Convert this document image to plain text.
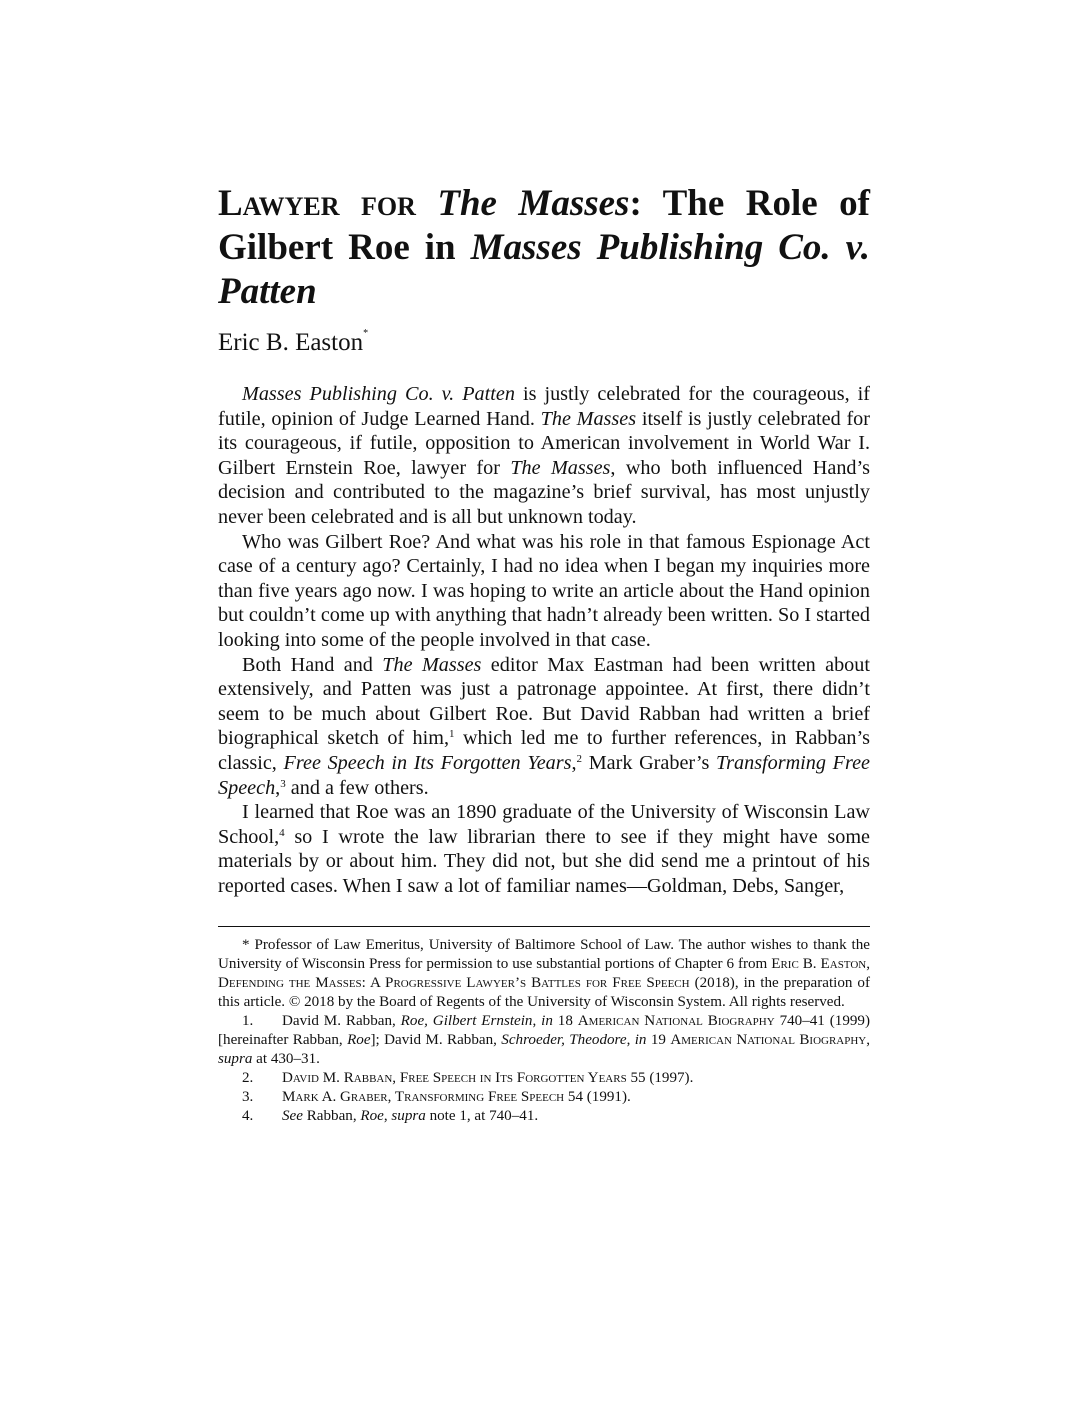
Lawyer for The Masses: The Role of Gilbert Roe in Masses Publishing Co. v. Patten

Eric B. Easton*

Masses Publishing Co. v. Patten is justly celebrated for the courageous, if futile, opinion of Judge Learned Hand. The Masses itself is justly celebrated for its courageous, if futile, opposition to American involvement in World War I. Gilbert Ernstein Roe, lawyer for The Masses, who both influenced Hand’s decision and contributed to the magazine’s brief survival, has most unjustly never been celebrated and is all but unknown today.

Who was Gilbert Roe? And what was his role in that famous Espionage Act case of a century ago? Certainly, I had no idea when I began my inquiries more than five years ago now. I was hoping to write an article about the Hand opinion but couldn’t come up with anything that hadn’t already been written. So I started looking into some of the people involved in that case.

Both Hand and The Masses editor Max Eastman had been written about extensively, and Patten was just a patronage appointee. At first, there didn’t seem to be much about Gilbert Roe. But David Rabban had written a brief biographical sketch of him,$^1$ which led me to further references, in Rabban’s classic, Free Speech in Its Forgotten Years,$^2$ Mark Graber’s Transforming Free Speech,$^3$ and a few others.

I learned that Roe was an 1890 graduate of the University of Wisconsin Law School,$^4$ so I wrote the law librarian there to see if they might have some materials by or about him. They did not, but she did send me a printout of his reported cases. When I saw a lot of familiar names—Goldman, Debs, Sanger,

* Professor of Law Emeritus, University of Baltimore School of Law. The author wishes to thank the University of Wisconsin Press for permission to use substantial portions of Chapter 6 from Eric B. Easton, Defending the Masses: A Progressive Lawyer’s Battles for Free Speech (2018), in the preparation of this article. © 2018 by the Board of Regents of the University of Wisconsin System. All rights reserved.

1. David M. Rabban, Roe, Gilbert Ernstein, in 18 American National Biography 740–41 (1999) [hereinafter Rabban, Roe]; David M. Rabban, Schroeder, Theodore, in 19 American National Biography, supra at 430–31.

2. David M. Rabban, Free Speech in Its Forgotten Years 55 (1997).

3. Mark A. Graber, Transforming Free Speech 54 (1991).

4. See Rabban, Roe, supra note 1, at 740–41.
